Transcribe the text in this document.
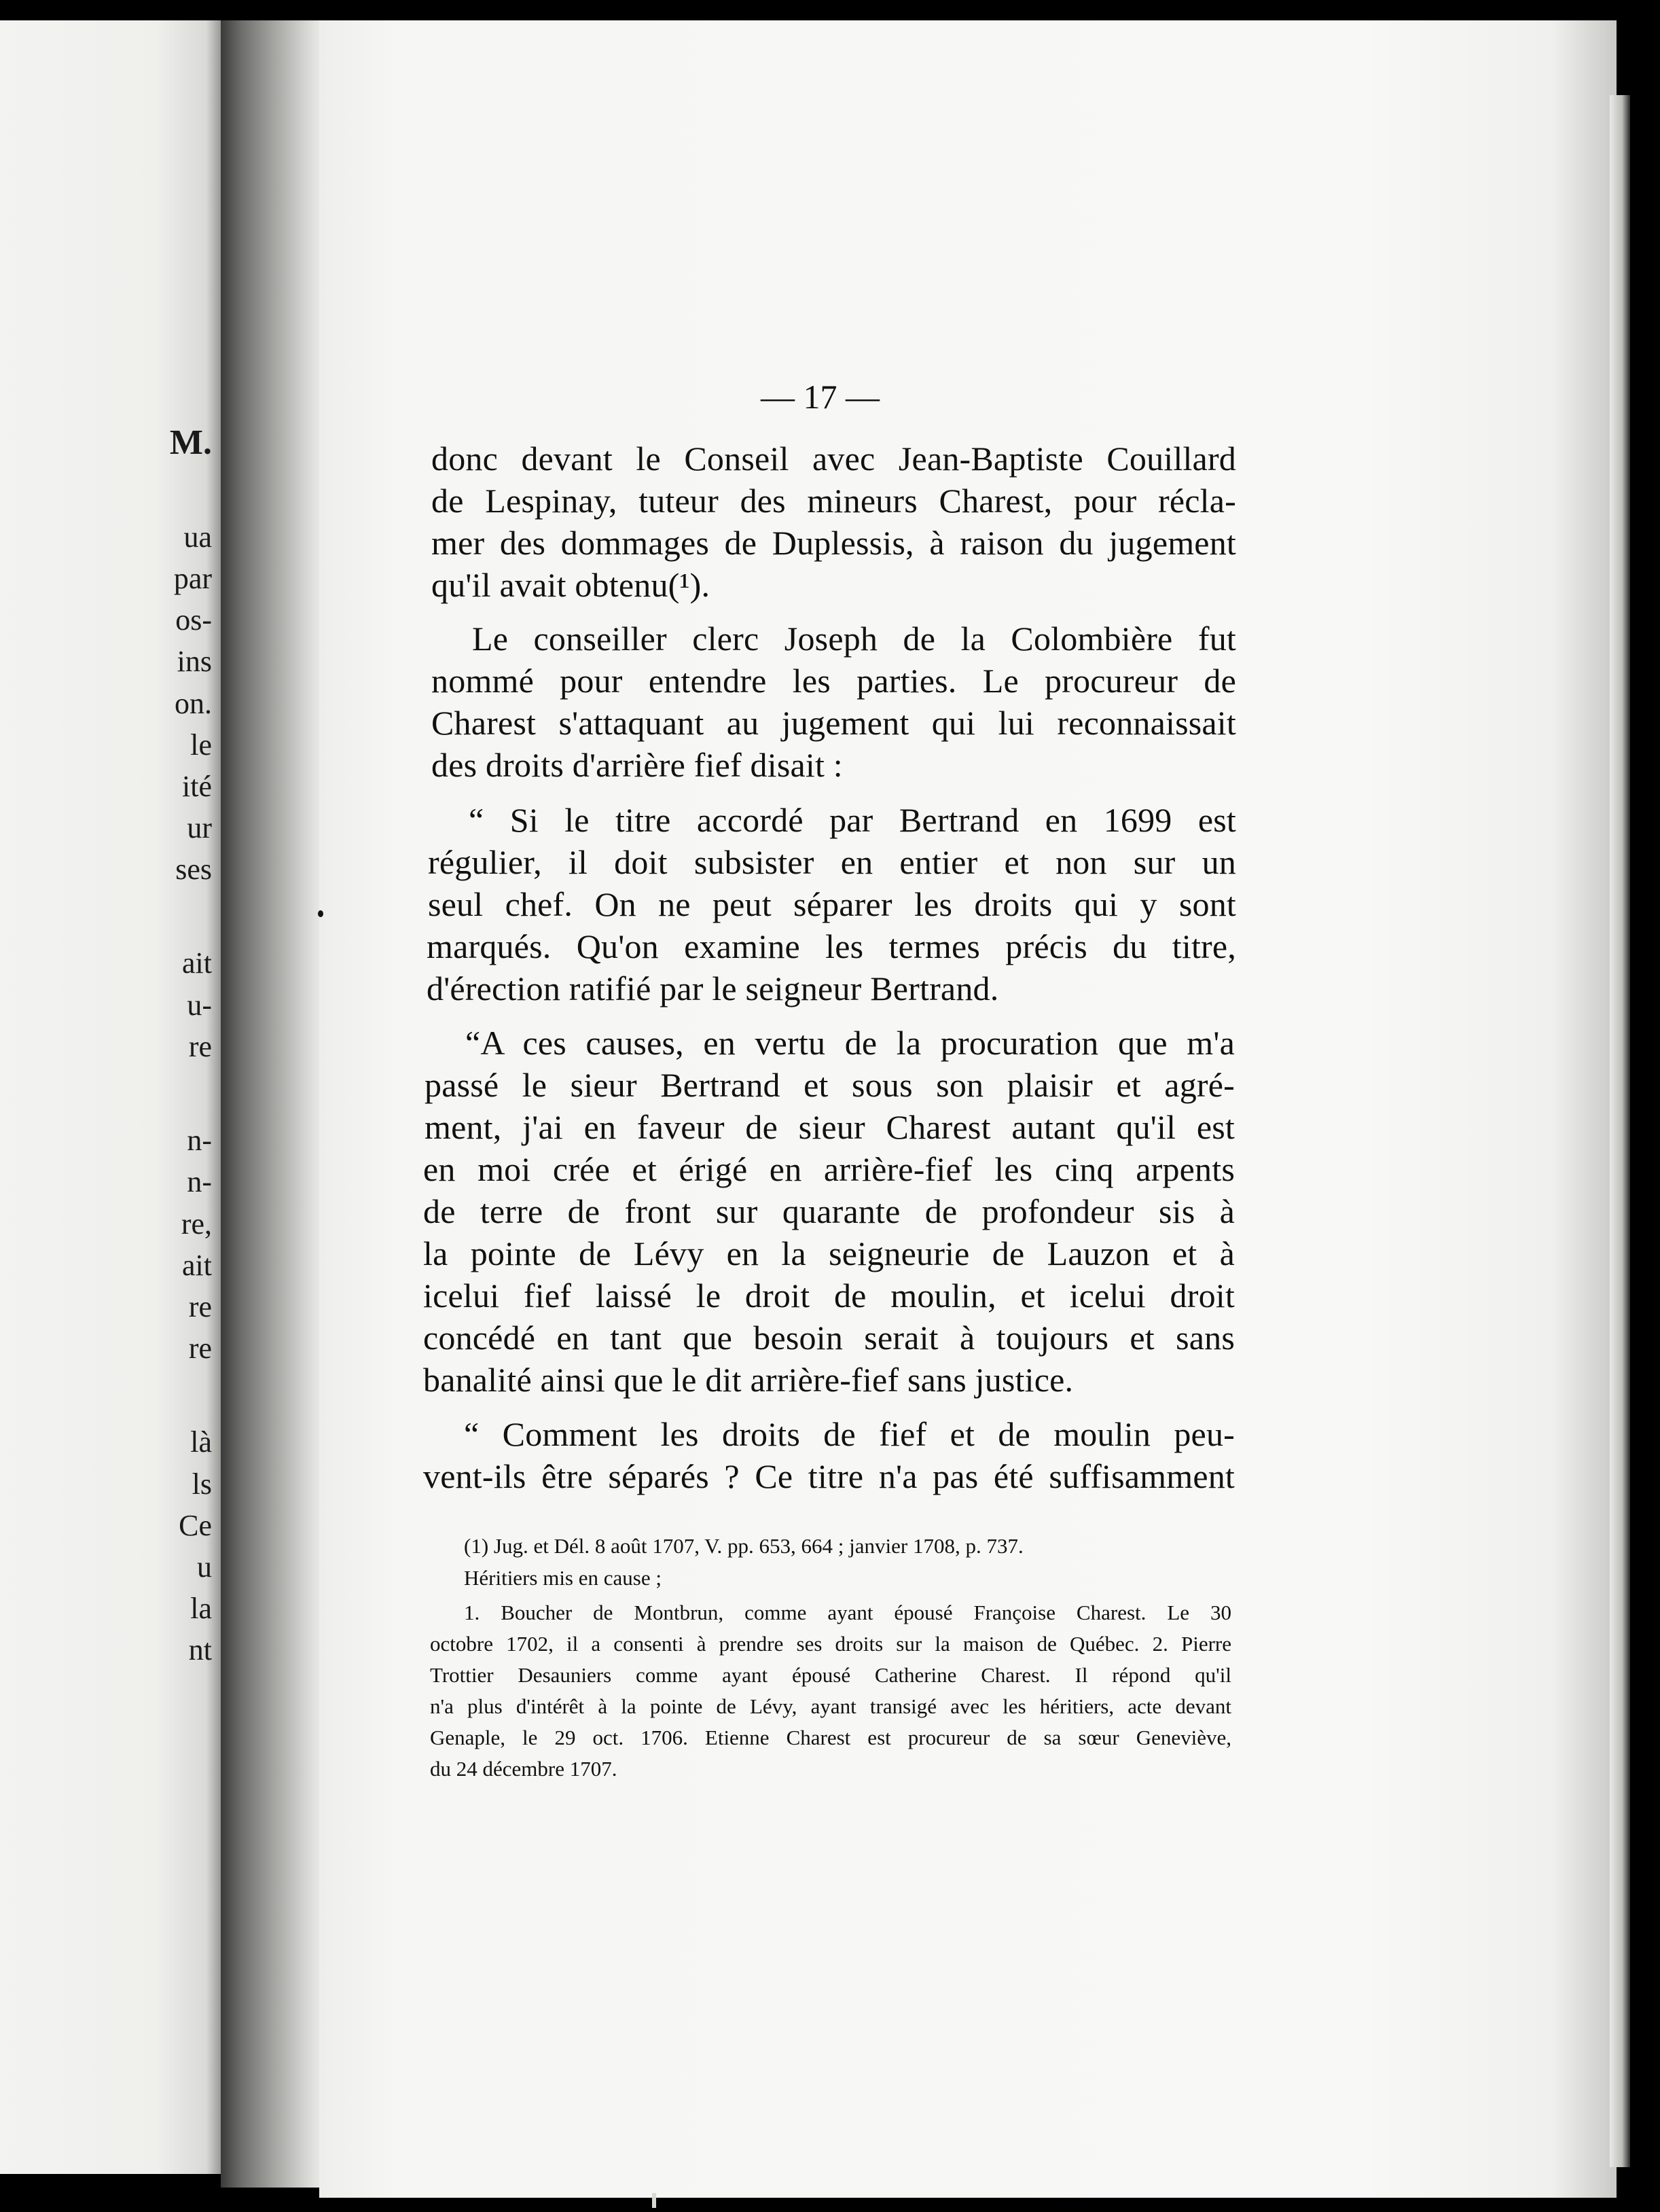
M.
ua
par
os-
ins
on.
le
ité
ur
ses
ait
u-
re
n-
n-
re,
ait
re
re
là
ls
Ce
u
la
nt
— 17 —
donc devant le Conseil avec Jean-Baptiste Couillard
de Lespinay, tuteur des mineurs Charest, pour récla-
mer des dommages de Duplessis, à raison du jugement
qu'il avait obtenu(¹).
Le conseiller clerc Joseph de la Colombière fut
nommé pour entendre les parties. Le procureur de
Charest s'attaquant au jugement qui lui reconnaissait
des droits d'arrière fief disait :
“ Si le titre accordé par Bertrand en 1699 est
régulier, il doit subsister en entier et non sur un
seul chef. On ne peut séparer les droits qui y sont
marqués. Qu'on examine les termes précis du titre,
d'érection ratifié par le seigneur Bertrand.
“A ces causes, en vertu de la procuration que m'a
passé le sieur Bertrand et sous son plaisir et agré-
ment, j'ai en faveur de sieur Charest autant qu'il est
en moi crée et érigé en arrière-fief les cinq arpents
de terre de front sur quarante de profondeur sis à
la pointe de Lévy en la seigneurie de Lauzon et à
icelui fief laissé le droit de moulin, et icelui droit
concédé en tant que besoin serait à toujours et sans
banalité ainsi que le dit arrière-fief sans justice.
“ Comment les droits de fief et de moulin peu-
vent-ils être séparés ? Ce titre n'a pas été suffisamment
(1) Jug. et Dél. 8 août 1707, V. pp. 653, 664 ; janvier 1708, p. 737.
Héritiers mis en cause ;
1. Boucher de Montbrun, comme ayant épousé Françoise Charest. Le 30
octobre 1702, il a consenti à prendre ses droits sur la maison de Québec. 2. Pierre
Trottier Desauniers comme ayant épousé Catherine Charest. Il répond qu'il
n'a plus d'intérêt à la pointe de Lévy, ayant transigé avec les héritiers, acte devant
Genaple, le 29 oct. 1706. Etienne Charest est procureur de sa sœur Geneviève,
du 24 décembre 1707.
